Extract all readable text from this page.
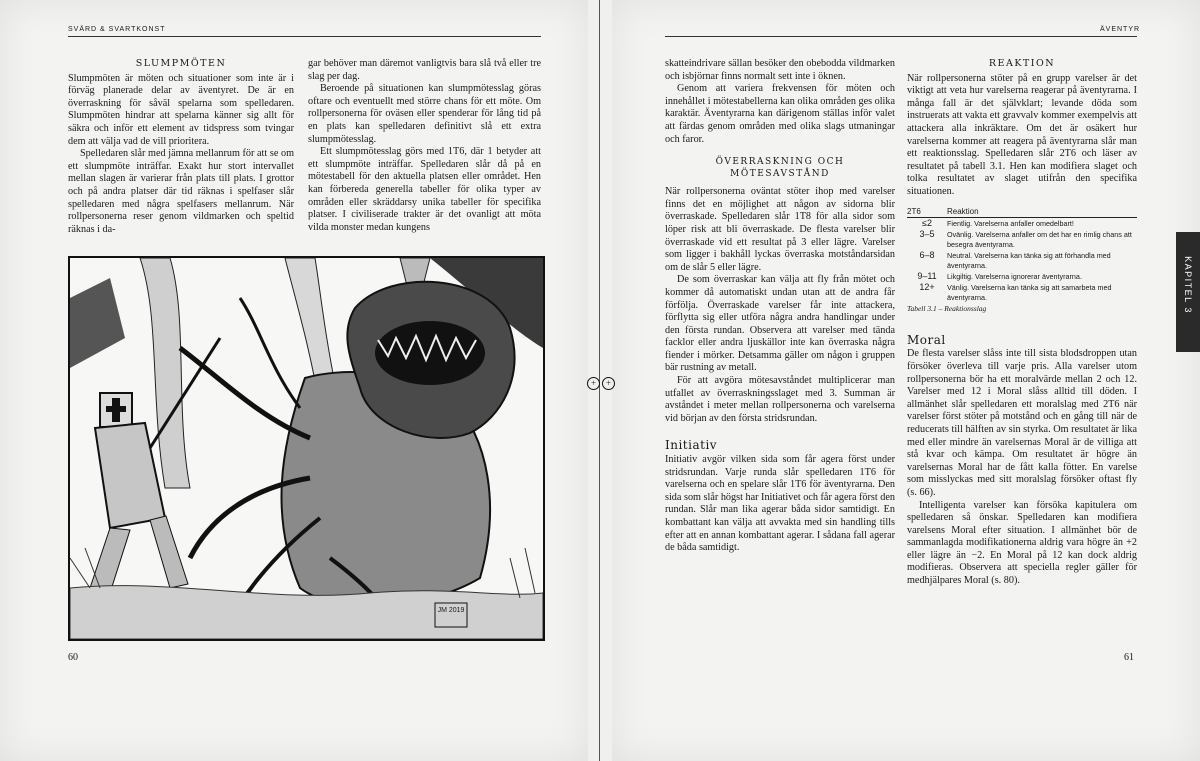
+	+
SVÄRD & SVARTKONST
SLUMPMÖTEN

Slumpmöten är möten och situationer som inte är i förväg planerade delar av äventyret. De är en överraskning för såväl spelarna som spelledaren. Slumpmöten hindrar att spelarna känner sig allt för säkra och inför ett element av tidspress som tvingar dem att välja vad de vill prioritera.

Spelledaren slår med jämna mellanrum för att se om ett slumpmöte inträffar. Exakt hur stort intervallet mellan slagen är varierar från plats till plats. I grottor och på andra platser där tid räknas i spelfaser slår spelledaren med några spelfasers mellanrum. När rollpersonerna reser genom vildmarken och speltid räknas i da-

gar behöver man däremot vanligtvis bara slå två eller tre slag per dag.

Beroende på situationen kan slumpmötesslag göras oftare och eventuellt med större chans för ett möte. Om rollpersonerna för oväsen eller spenderar för lång tid på en plats kan spelledaren definitivt slå ett extra slumpmötesslag.

Ett slumpmötesslag görs med 1T6, där 1 betyder att ett slumpmöte inträffar. Spelledaren slår då på en mötestabell för den aktuella platsen eller området. Hen kan förbereda generella tabeller för olika typer av områden eller skräddarsy unika tabeller för specifika platser. I civiliserade trakter är det ovanligt att möta vilda monster medan kungens

JM 2019
60
ÄVENTYR

skatteindrivare sällan besöker den obebodda vildmarken och isbjörnar finns normalt sett inte i öknen.

Genom att variera frekvensen för möten och innehållet i mötestabellerna kan olika områden ges olika karaktär. Äventyrarna kan därigenom ställas inför valet att färdas genom områden med olika slags utmaningar och faror.

ÖVERRASKNING OCH
MÖTESAVSTÅND

När rollpersonerna oväntat stöter ihop med varelser finns det en möjlighet att någon av sidorna blir överraskade. Spelledaren slår 1T8 för alla sidor som löper risk att bli överraskade. De flesta varelser blir överraskade vid ett resultat på 3 eller lägre. Varelser som ligger i bakhåll lyckas överraska motståndarsidan om de slår 5 eller lägre.

De som överraskar kan välja att fly från mötet och kommer då automatiskt undan utan att de andra får förfölja. Överraskade varelser får inte attackera, förflytta sig eller utföra några andra handlingar under den första rundan. Observera att varelser med tända facklor eller andra ljuskällor inte kan överraska några fiender i mörker. Detsamma gäller om någon i gruppen bär rustning av metall.

För att avgöra mötesavståndet multiplicerar man utfallet av överraskningsslaget med 3. Summan är avståndet i meter mellan rollpersonerna och varelserna vid början av den första stridsrundan.

Initiativ

Initiativ avgör vilken sida som får agera först under stridsrundan. Varje runda slår spelledaren 1T6 för varelserna och en spelare slår 1T6 för äventyrarna. Den sida som slår högst har Initiativet och får agera först den rundan. Slår man lika agerar båda sidor samtidigt. En kombattant kan välja att avvakta med sin handling tills efter att en annan kombattant agerar. I sådana fall agerar de båda samtidigt.

REAKTION

När rollpersonerna stöter på en grupp varelser är det viktigt att veta hur varelserna reagerar på äventyrarna. I många fall är det självklart; levande döda som instruerats att vakta ett gravvalv kommer exempelvis att attackera alla inkräktare. Om det är osäkert hur varelserna kommer att reagera på äventyrarna slår man ett reaktionsslag. Spelledaren slår 2T6 och läser av resultatet på tabell 3.1. Hen kan modifiera slaget och tolka resultatet av slaget utifrån den specifika situationen.

2T6	Reaktion
≤2	Fientlig. Varelserna anfaller omedelbart!
3–5	Ovänlig. Varelserna anfaller om det har en rimlig chans att besegra äventyrarna.
6–8	Neutral. Varelserna kan tänka sig att förhandla med äventyrarna.
9–11	Likgiltig. Varelserna ignorerar äventyrarna.
12+	Vänlig. Varelserna kan tänka sig att samarbeta med äventyrarna.

Tabell 3.1 – Reaktionsslag

Moral

De flesta varelser slåss inte till sista blodsdroppen utan försöker överleva till varje pris. Alla varelser utom rollpersonerna bör ha ett moralvärde mellan 2 och 12. Varelser med 12 i Moral slåss alltid till döden. I allmänhet slår spelledaren ett moralslag med 2T6 när varelser först stöter på motstånd och en gång till när de reducerats till hälften av sin styrka. Om resultatet är lika med eller mindre än varelsernas Moral är de villiga att stå kvar och kämpa. Om resultatet är högre än varelsernas Moral har de fått kalla fötter. En varelse som misslyckas med sitt moralslag försöker oftast fly (s. 66).

Intelligenta varelser kan försöka kapitulera om spelledaren så önskar. Spelledaren kan modifiera varelsens Moral efter situation. I allmänhet bör de sammanlagda modifikationerna aldrig vara högre än +2 eller lägre än −2. En Moral på 12 kan dock aldrig modifieras. Observera att speciella regler gäller för medhjälpares Moral (s. 80).

61
KAPITEL 3
